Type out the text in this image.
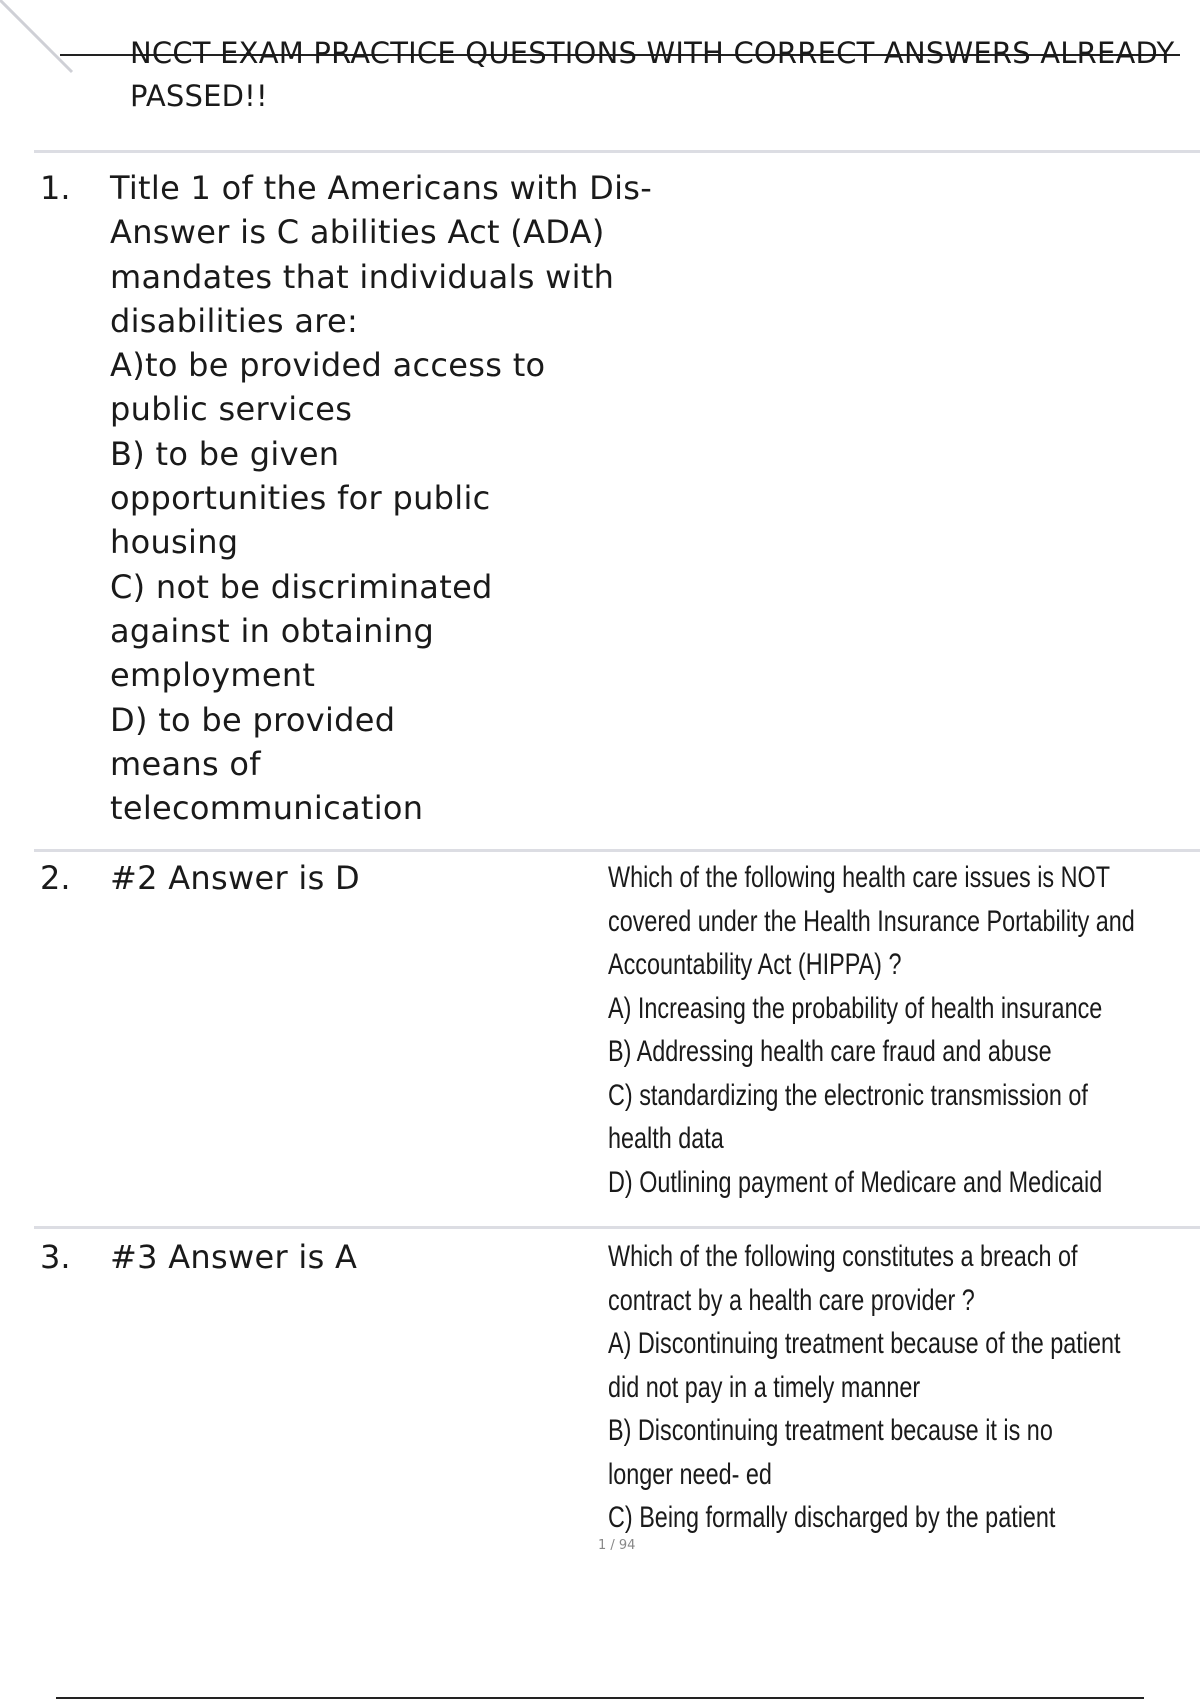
NCCT EXAM PRACTICE QUESTIONS WITH CORRECT ANSWERS ALREADY
PASSED!!
1. Title 1 of the Americans with Dis-
Answer is C abilities Act (ADA)
mandates that individuals with
disabilities are:
A)to be provided access to
public services
B) to be given
opportunities for public
housing
C) not be discriminated
against in obtaining
employment
D) to be provided
means of
telecommunication
2. #2 Answer is D	Which of the following health care issues is NOT
covered under the Health Insurance Portability and
Accountability Act (HIPPA) ?
A) Increasing the probability of health insurance
B) Addressing health care fraud and abuse
C) standardizing the electronic transmission of
health data
D) Outlining payment of Medicare and Medicaid
3. #3 Answer is A	Which of the following constitutes a breach of
contract by a health care provider ?
A) Discontinuing treatment because of the patient
did not pay in a timely manner
B) Discontinuing treatment because it is no
longer need- ed
C) Being formally discharged by the patient
1 / 94
